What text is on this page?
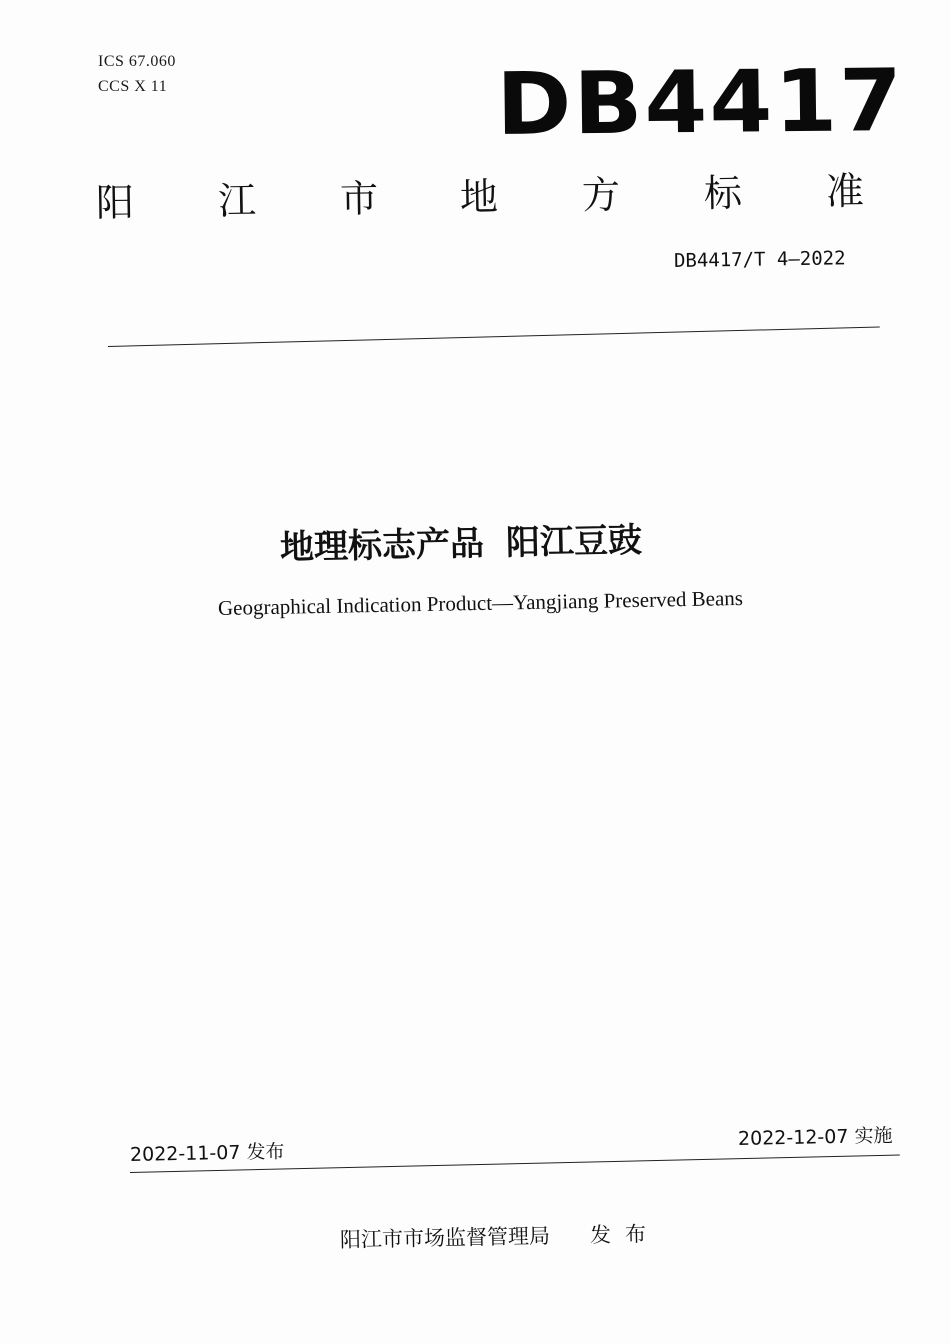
ICS 67.060
CCS X 11	DB4417
阳 江 市 地 方 标 准
DB4417/T 4—2022
地理标志产品 阳江豆豉
Geographical Indication Product—Yangjiang Preserved Beans
2022-11-07 发布
2022-12-07 实施
阳江市市场监督管理局 发布
